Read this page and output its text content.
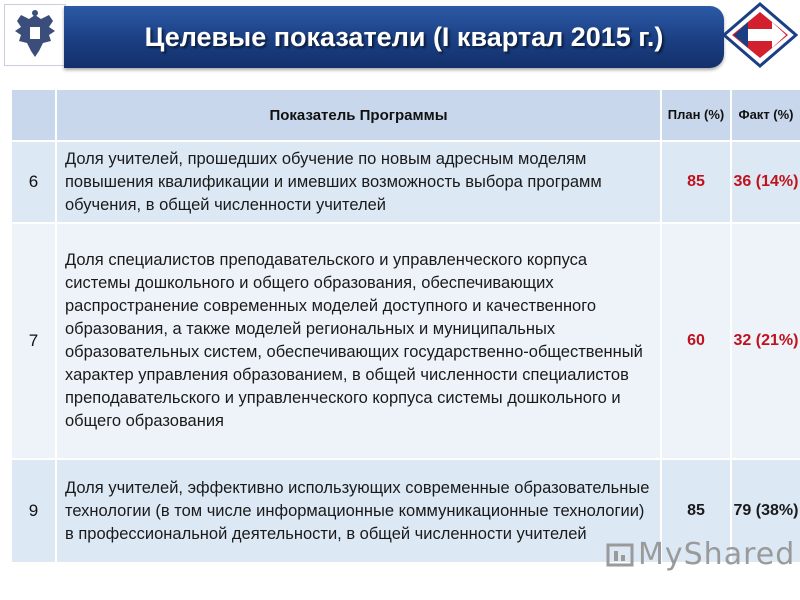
Целевые показатели (I квартал 2015 г.)
	Показатель Программы	План (%)	Факт (%)
6	Доля учителей, прошедших обучение по новым адресным моделям повышения квалификации и имевших возможность выбора программ обучения, в общей численности учителей	85	36 (14%)
7	Доля специалистов преподавательского и управленческого корпуса системы дошкольного и общего образования, обеспечивающих распространение современных моделей доступного и качественного образования, а также моделей региональных и муниципальных образовательных систем, обеспечивающих государственно-общественный характер управления образованием, в общей численности специалистов преподавательского и управленческого корпуса системы дошкольного и общего образования	60	32 (21%)
9	Доля учителей, эффективно использующих современные образовательные технологии (в том числе информационные коммуникационные технологии) в профессиональной деятельности, в общей численности учителей	85	79 (38%)
MyShared
